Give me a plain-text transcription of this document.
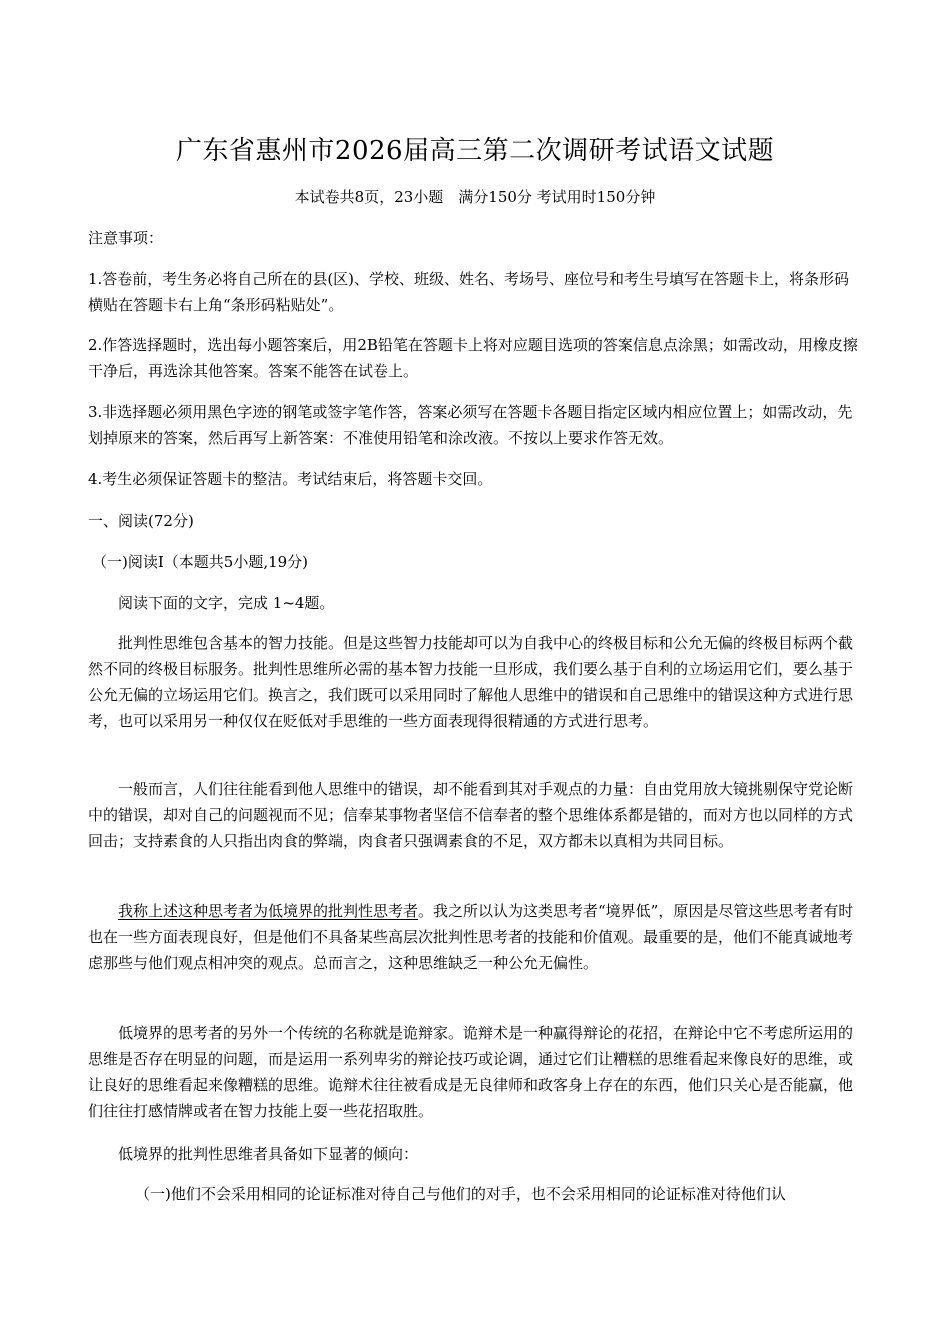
广东省惠州市2026届高三第二次调研考试语文试题
本试卷共8页，23小题　满分150分 考试用时150分钟

注意事项：

1.答卷前，考生务必将自己所在的县(区)、学校、班级、姓名、考场号、座位号和考生号填写在答题卡上，将条形码横贴在答题卡右上角“条形码粘贴处”。

2.作答选择题时，选出每小题答案后，用2B铅笔在答题卡上将对应题目选项的答案信息点涂黑；如需改动，用橡皮擦干净后，再选涂其他答案。答案不能答在试卷上。

3.非选择题必须用黑色字迹的钢笔或签字笔作答，答案必须写在答题卡各题目指定区域内相应位置上；如需改动，先划掉原来的答案，然后再写上新答案：不准使用铅笔和涂改液。不按以上要求作答无效。

4.考生必须保证答题卡的整洁。考试结束后，将答题卡交回。

一、阅读(72分)

（一)阅读Ⅰ（本题共5小题,19分)

阅读下面的文字，完成 1~4题。

批判性思维包含基本的智力技能。但是这些智力技能却可以为自我中心的终极目标和公允无偏的终极目标两个截然不同的终极目标服务。批判性思维所必需的基本智力技能一旦形成，我们要么基于自利的立场运用它们，要么基于公允无偏的立场运用它们。换言之，我们既可以采用同时了解他人思维中的错误和自己思维中的错误这种方式进行思考，也可以采用另一种仅仅在贬低对手思维的一些方面表现得很精通的方式进行思考。

一般而言，人们往往能看到他人思维中的错误，却不能看到其对手观点的力量：自由党用放大镜挑剔保守党论断中的错误，却对自己的问题视而不见；信奉某事物者坚信不信奉者的整个思维体系都是错的，而对方也以同样的方式回击；支持素食的人只指出肉食的弊端，肉食者只强调素食的不足，双方都未以真相为共同目标。

我称上述这种思考者为低境界的批判性思考者。我之所以认为这类思考者“境界低”，原因是尽管这些思考者有时也在一些方面表现良好，但是他们不具备某些高层次批判性思考者的技能和价值观。最重要的是，他们不能真诚地考虑那些与他们观点相冲突的观点。总而言之，这种思维缺乏一种公允无偏性。

低境界的思考者的另外一个传统的名称就是诡辩家。诡辩术是一种赢得辩论的花招，在辩论中它不考虑所运用的思维是否存在明显的问题，而是运用一系列卑劣的辩论技巧或论调，通过它们让糟糕的思维看起来像良好的思维，或让良好的思维看起来像糟糕的思维。诡辩术往往被看成是无良律师和政客身上存在的东西，他们只关心是否能赢，他们往往打感情牌或者在智力技能上耍一些花招取胜。

低境界的批判性思维者具备如下显著的倾向：

（一)他们不会采用相同的论证标准对待自己与他们的对手，也不会采用相同的论证标准对待他们认
